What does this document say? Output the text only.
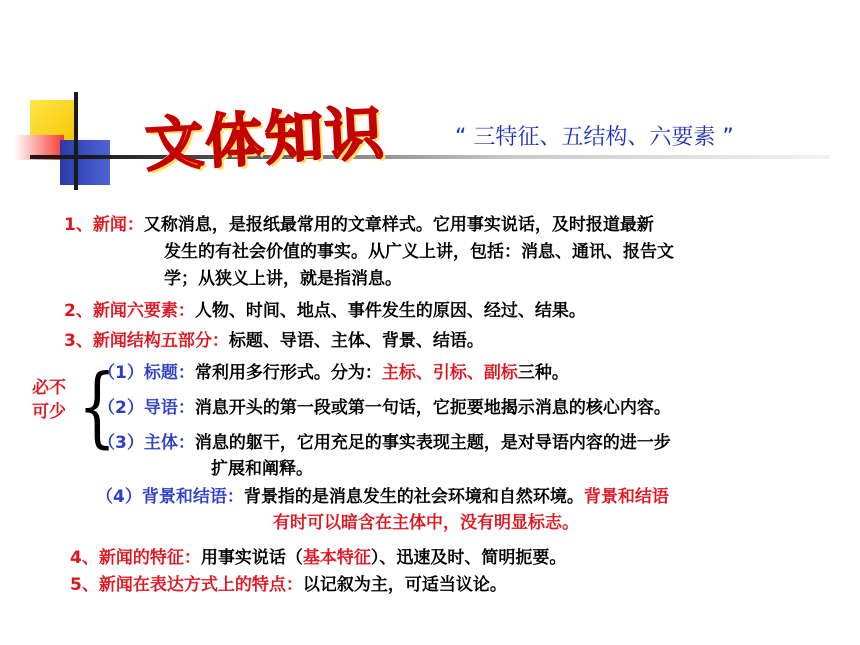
文体知识	“ 三特征、五结构、六要素 ”
1、新闻：又称消息，是报纸最常用的文章样式。它用事实说话，及时报道最新
发生的有社会价值的事实。从广义上讲，包括：消息、通讯、报告文
学；从狭义上讲，就是指消息。
2、新闻六要素：人物、时间、地点、事件发生的原因、经过、结果。
3、新闻结构五部分：标题、导语、主体、背景、结语。
必不
可少 {
（1）标题：常利用多行形式。分为：主标、引标、副标三种。
（2）导语：消息开头的第一段或第一句话，它扼要地揭示消息的核心内容。
（3）主体：消息的躯干，它用充足的事实表现主题，是对导语内容的进一步
扩展和阐释。
（4）背景和结语：背景指的是消息发生的社会环境和自然环境。背景和结语
有时可以暗含在主体中，没有明显标志。
4、新闻的特征：用事实说话（基本特征）、迅速及时、简明扼要。
5、新闻在表达方式上的特点：以记叙为主，可适当议论。
